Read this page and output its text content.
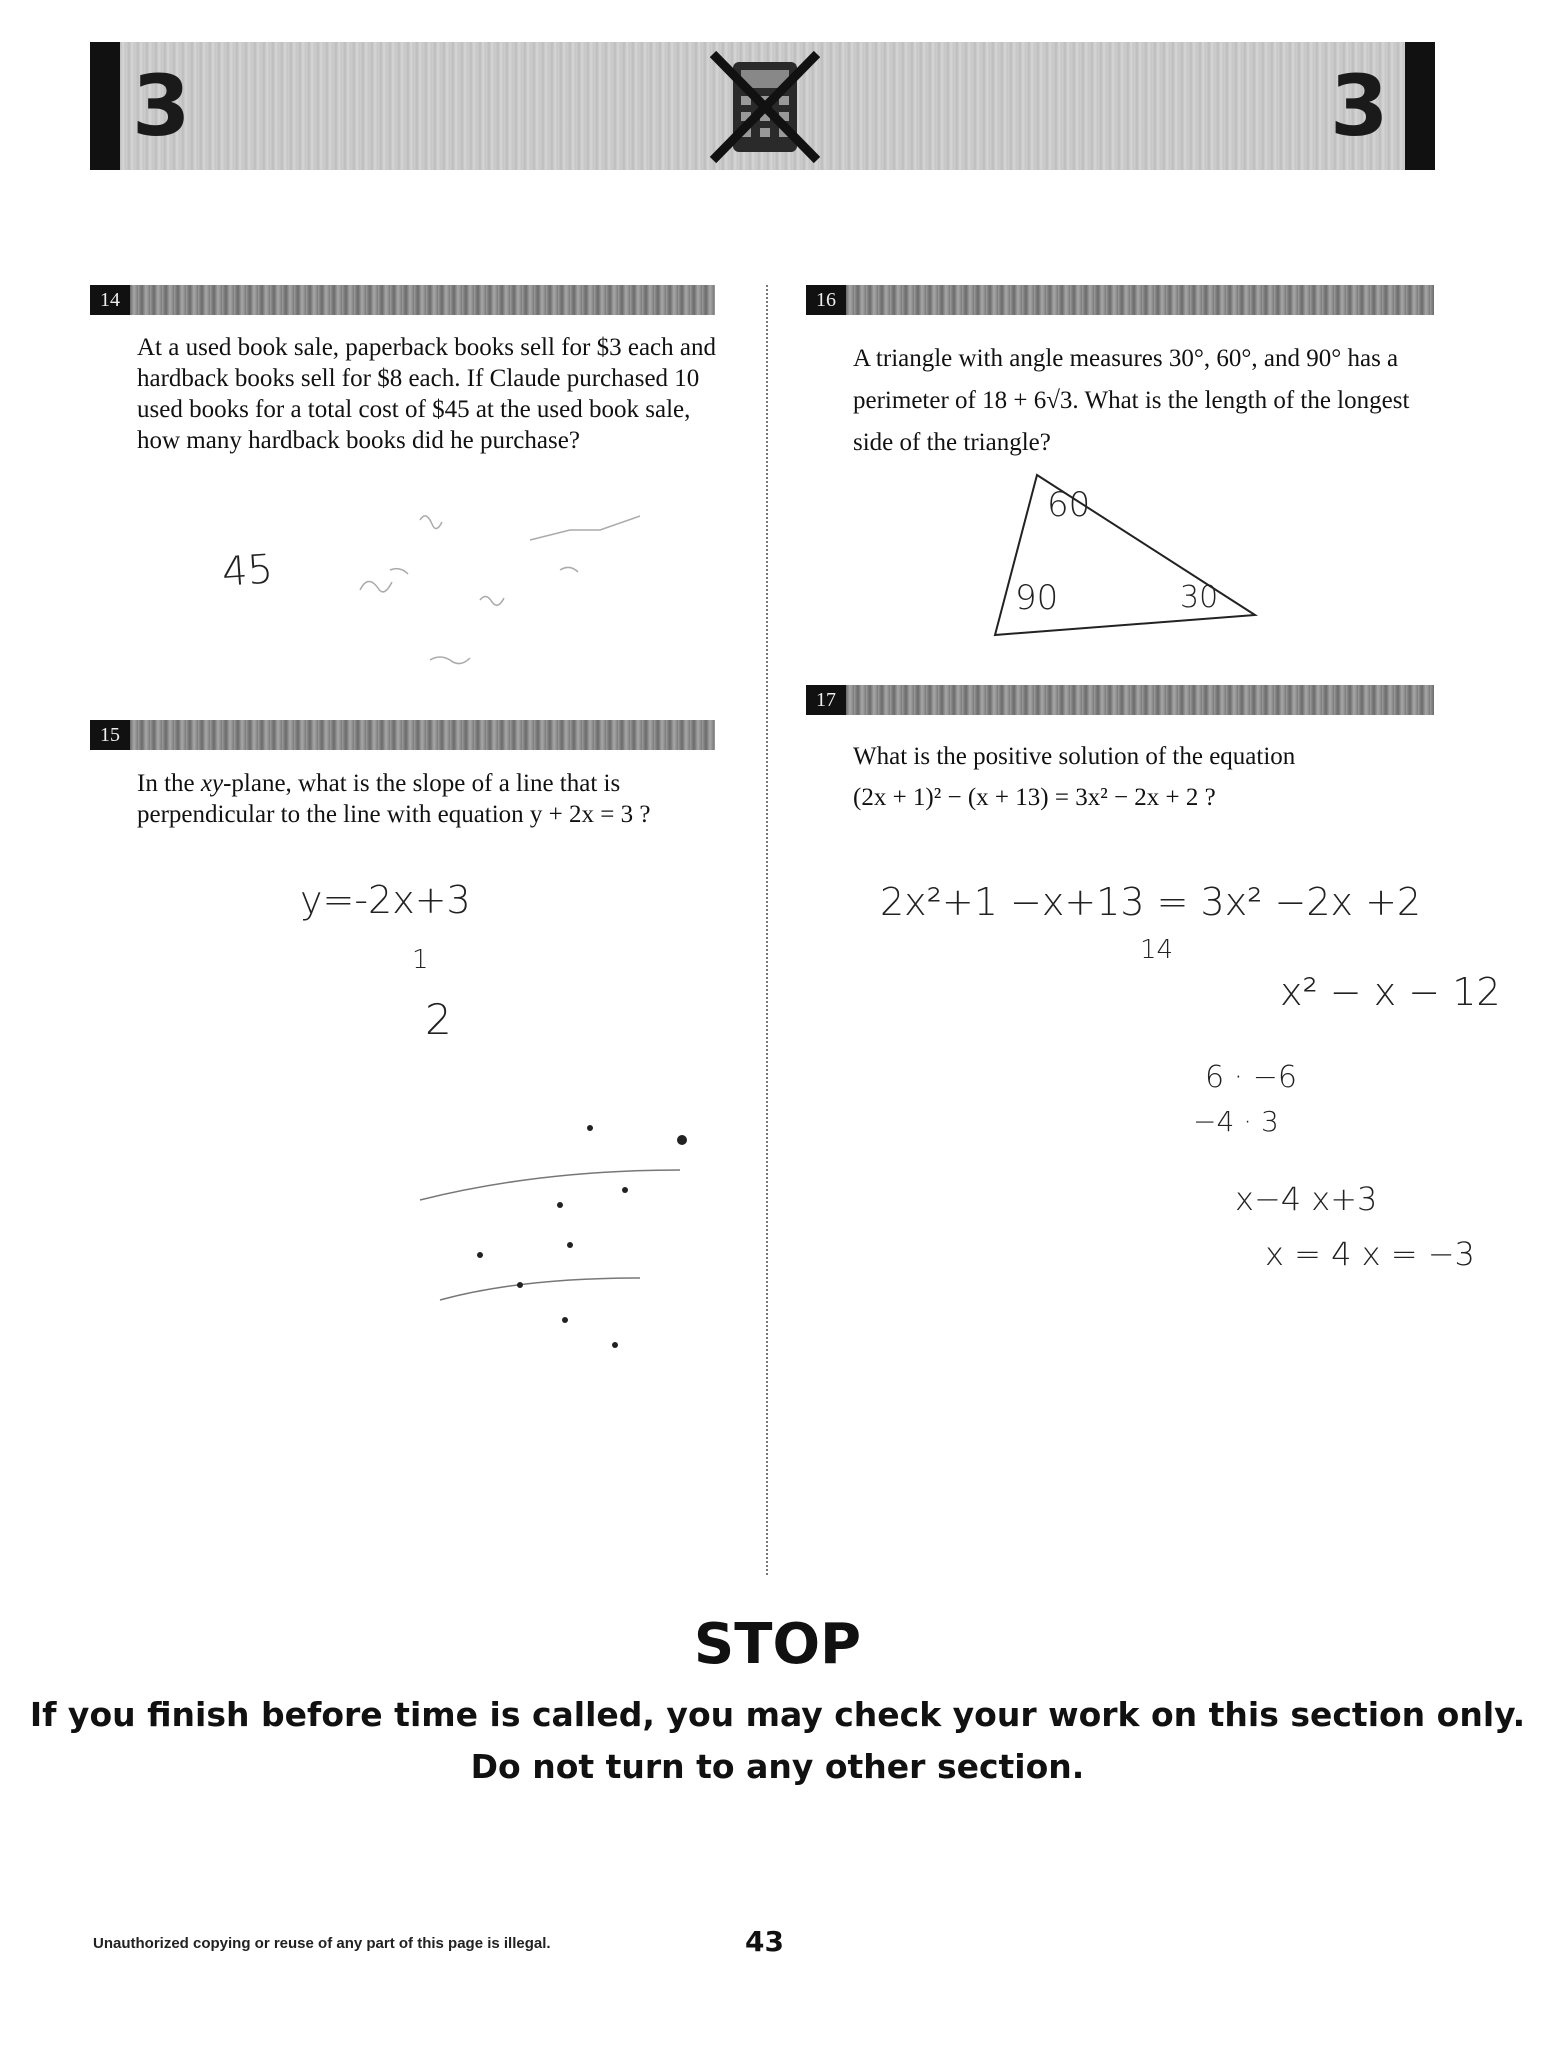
3	3
14
At a used book sale, paperback books sell for $3 each and hardback books sell for $8 each. If Claude purchased 10 used books for a total cost of $45 at the used book sale, how many hardback books did he purchase?
45
15
In the xy-plane, what is the slope of a line that is perpendicular to the line with equation y + 2x = 3 ?
y=-2x+3
1
2
16
A triangle with angle measures 30°, 60°, and 90° has a perimeter of 18 + 6√3. What is the length of the longest side of the triangle?
60
90	30
17
What is the positive solution of the equation
(2x + 1)² − (x + 13) = 3x² − 2x + 2 ?
2x²+1 −x+13 = 3x² −2x +2
14
x² − x − 12
6 · −6
−4 · 3
x−4 x+3
x = 4 x = −3
STOP
If you finish before time is called, you may check your work on this section only.
Do not turn to any other section.
Unauthorized copying or reuse of any part of this page is illegal.	43
